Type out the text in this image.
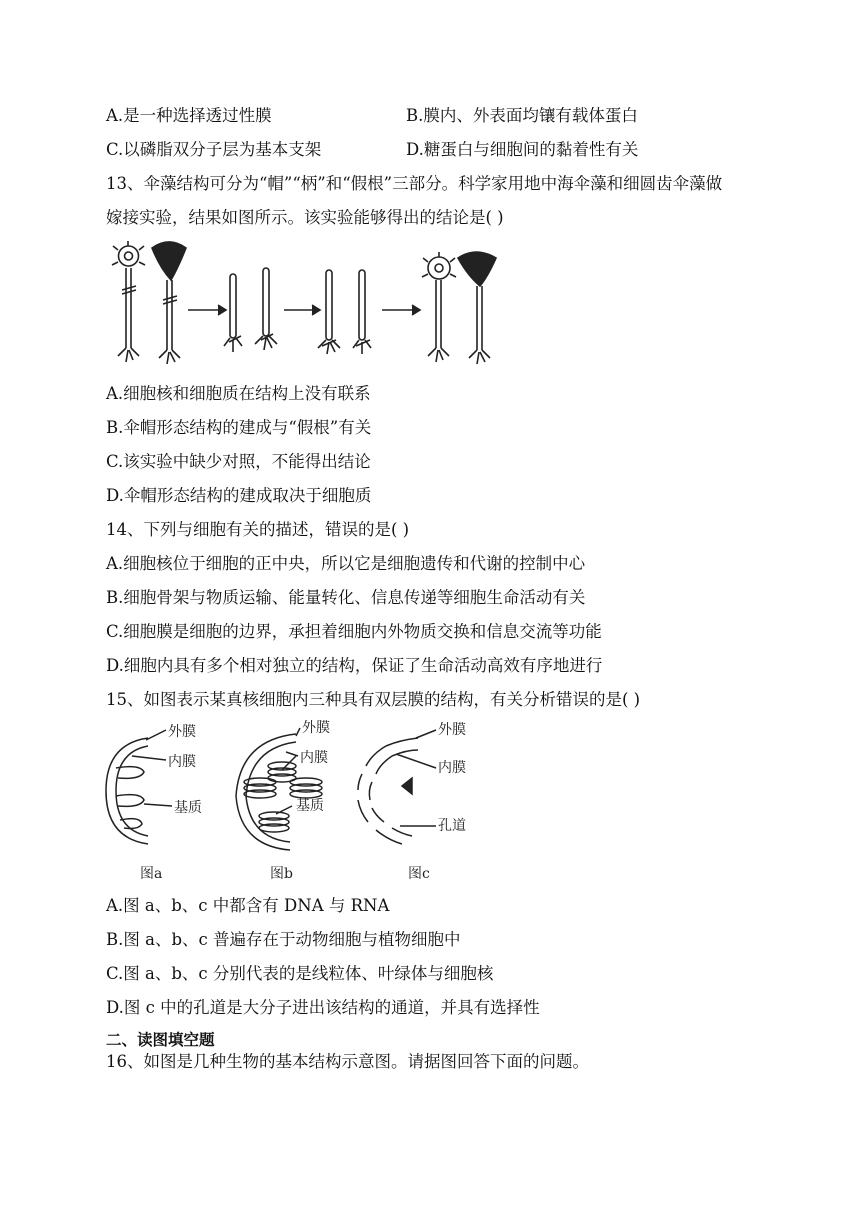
A.是一种选择透过性膜	B.膜内、外表面均镶有载体蛋白
C.以磷脂双分子层为基本支架	D.糖蛋白与细胞间的黏着性有关
13、伞藻结构可分为“帽”“柄”和“假根”三部分。科学家用地中海伞藻和细圆齿伞藻做
嫁接实验，结果如图所示。该实验能够得出的结论是( )
A.细胞核和细胞质在结构上没有联系
B.伞帽形态结构的建成与“假根”有关
C.该实验中缺少对照，不能得出结论
D.伞帽形态结构的建成取决于细胞质
14、下列与细胞有关的描述，错误的是( )
A.细胞核位于细胞的正中央，所以它是细胞遗传和代谢的控制中心
B.细胞骨架与物质运输、能量转化、信息传递等细胞生命活动有关
C.细胞膜是细胞的边界，承担着细胞内外物质交换和信息交流等功能
D.细胞内具有多个相对独立的结构，保证了生命活动高效有序地进行
15、如图表示某真核细胞内三种具有双层膜的结构，有关分析错误的是( )
外膜
内膜
基质
外膜
内膜
基质
外膜
内膜
孔道
图a	图b	图c
A.图 a、b、c 中都含有 DNA 与 RNA
B.图 a、b、c 普遍存在于动物细胞与植物细胞中
C.图 a、b、c 分别代表的是线粒体、叶绿体与细胞核
D.图 c 中的孔道是大分子进出该结构的通道，并具有选择性
二、读图填空题
16、如图是几种生物的基本结构示意图。请据图回答下面的问题。
